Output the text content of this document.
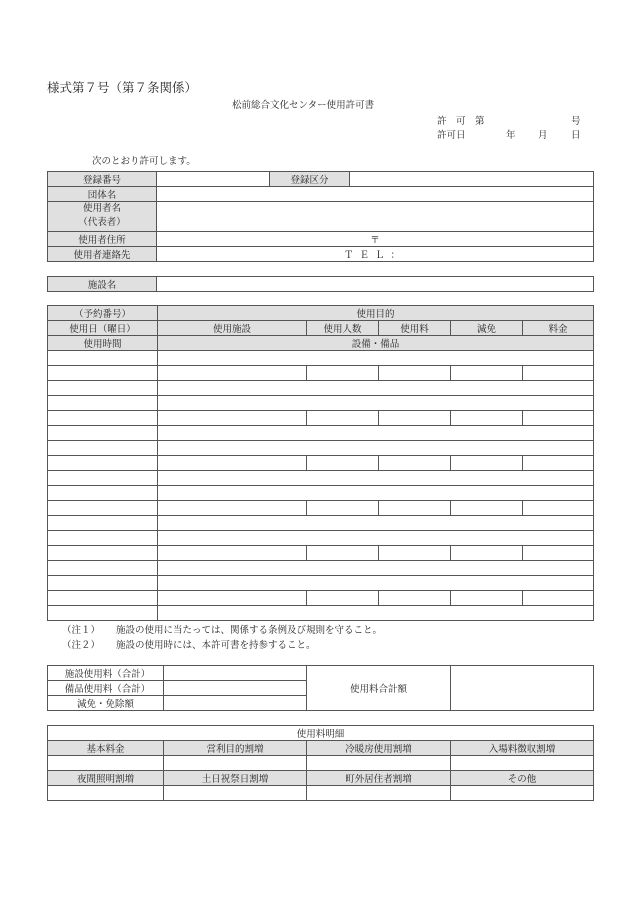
様式第７号（第７条関係）
松前総合文化センター使用許可書
許　可　第	号
許可日	年 月 日
次のとおり許可します。
登録番号		登録区分	
団体名			
使用者名
（代表者）			
使用者住所	〒		
使用者連絡先	ＴＥＬ：		
施設名	
（予約番号）	使用目的				
使用日（曜日）	使用施設	使用人数	使用料	減免	料金
使用時間	設備・備品				

（注１） 施設の使用に当たっては、関係する条例及び規則を守ること。
（注２） 施設の使用時には、本許可書を持参すること。
施設使用料（合計）		使用料合計額	
備品使用料（合計）			
減免・免除額			
使用料明細			
基本料金	営利目的割増	冷暖房使用割増	入場料徴収割増

夜間照明割増	土日祝祭日割増	町外居住者割増	その他
